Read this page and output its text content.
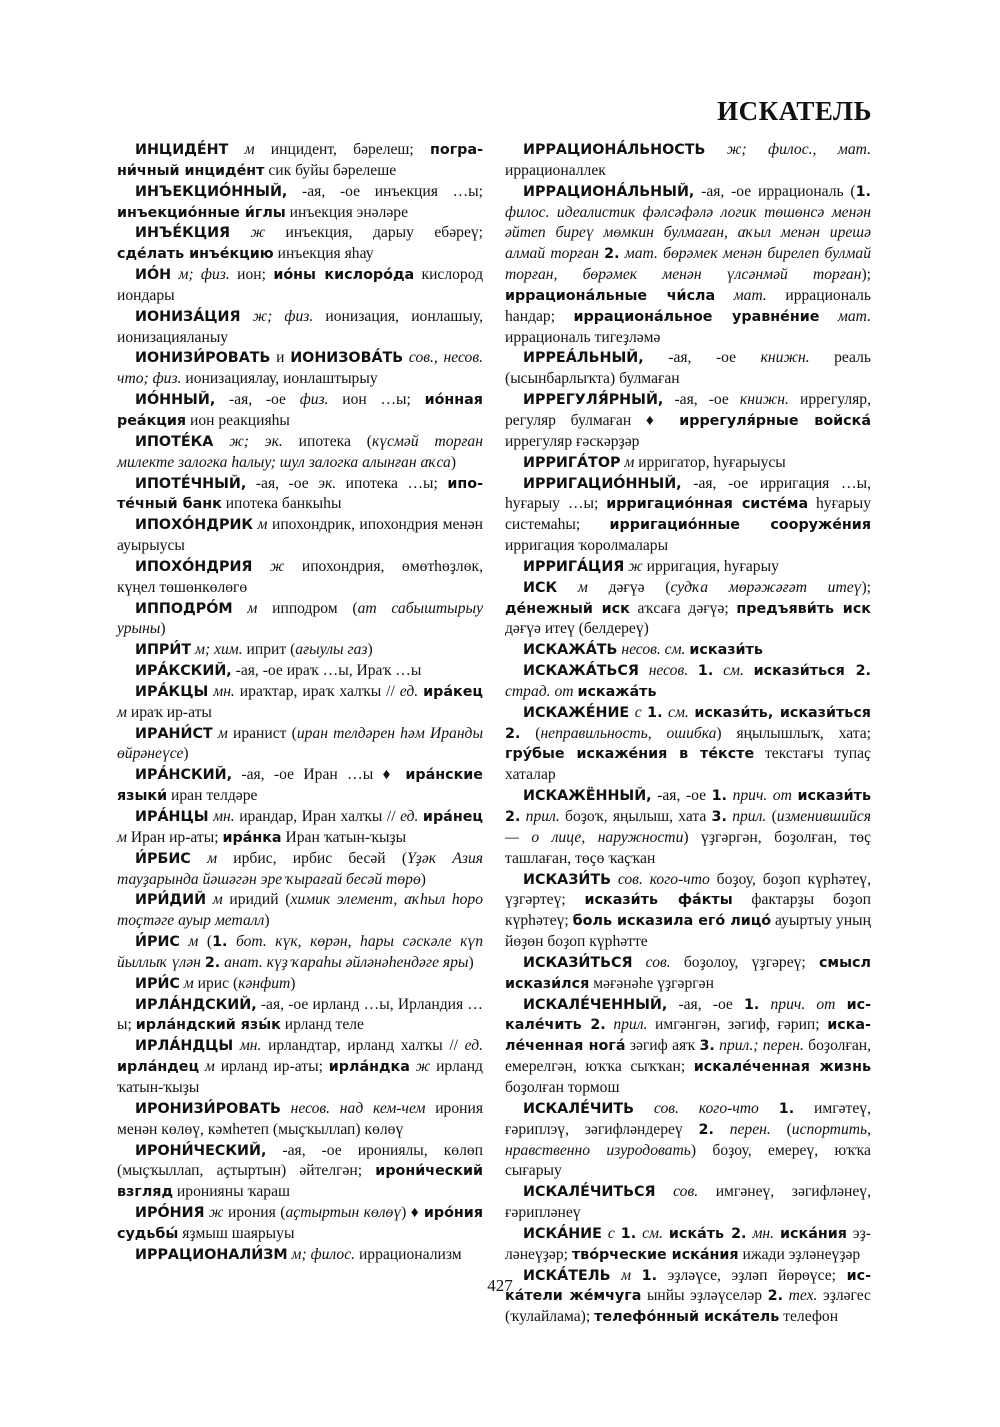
ИСКАТЕЛЬ

ИНЦИДЕ́НТ м инцидент, бәрелеш; пограни́чный инциде́нт сик буйы бәрелеше

ИНЪЕКЦИО́ННЫЙ, -ая, -ое инъекция …ы; инъекцио́нные и́глы инъекция энәләре

ИНЪЕ́КЦИЯ ж инъекция, дарыу ебәреү; сде́лать инъе́кцию инъекция яһау

ИО́Н м; физ. ион; ио́ны кислоро́да кислород иондары

ИОНИЗА́ЦИЯ ж; физ. ионизация, ионлашыу, ионизацияланыу

ИОНИЗИ́РОВАТЬ и ИОНИЗОВА́ТЬ сов., несов. что; физ. ионизациялау, ионлаштырыу

ИО́ННЫЙ, -ая, -ое физ. ион …ы; ио́нная реа́кция ион реакцияһы

ИПОТЕ́КА ж; эк. ипотека (күсмәй торған милекте залогка һалыу; шул залогка алынған аҡса)

ИПОТЕ́ЧНЫЙ, -ая, -ое эк. ипотека …ы; ипоте́чный банк ипотека банкыһы

ИПОХО́НДРИК м ипохондрик, ипохондрия менән ауырыусы

ИПОХО́НДРИЯ ж ипохондрия, өмөтһөҙлөк, күңел төшөнкөлөгө

ИППОДРО́М м ипподром (ат сабыштырыу урыны)

ИПРИ́Т м; хим. иприт (ағыулы газ)

ИРА́КСКИЙ, -ая, -ое ираҡ …ы, Ираҡ …ы

ИРА́КЦЫ мн. ираҡтар, ираҡ халҡы // ед. ира́кец м ираҡ ир-аты

ИРАНИ́СТ м иранист (иран телдәрен һәм Иранды өйрәнеүсе)

ИРА́НСКИЙ, -ая, -ое Иран …ы ♦ ира́нские языки́ иран телдәре

ИРА́НЦЫ мн. ирандар, Иран халҡы // ед. ира́нец м Иран ир-аты; ира́нка Иран ҡатын-ҡыҙы

И́РБИС м ирбис, ирбис бесәй (Үҙәк Азия тауҙарында йәшәгән эре ҡырағай бесәй төрө)

ИРИ́ДИЙ м иридий (химик элемент, аҡһыл һоро тоҫтәге ауыр металл)

И́РИС м (1. бот. күк, көрән, һары сәскәле күп йыллыҡ үлән 2. анат. күҙ ҡараһы әйләнәһендәге яры)

ИРИ́С м ирис (кәнфит)

ИРЛА́НДСКИЙ, -ая, -ое ирланд …ы, Ирландия …ы; ирла́ндский язы́к ирланд теле

ИРЛА́НДЦЫ мн. ирландтар, ирланд халҡы // ед. ирла́ндец м ирланд ир-аты; ирла́ндка ж ирланд ҡатын-ҡыҙы

ИРОНИЗИ́РОВАТЬ несов. над кем-чем ирония менән көлөү, кәмһетеп (мыҫҡыллап) көлөү

ИРОНИ́ЧЕСКИЙ, -ая, -ое ирониялы, көлөп (мыҫҡыллап, аҫтыртын) әйтелгән; ирони́ческий взгляд иронияны ҡараш

ИРО́НИЯ ж ирония (аҫтыртын көлөү) ♦ иро́ния судьбы́ яҙмыш шаярыуы

ИРРАЦИОНАЛИ́ЗМ м; филос. иррационализм

ИРРАЦИОНА́ЛЬНОСТЬ ж; филос., мат. иррационаллек

ИРРАЦИОНА́ЛЬНЫЙ, -ая, -ое иррациональ (1. филос. идеалистик фәлсәфәлә логик төшөнсә менән әйтеп биреү мөмкин булмаған, аҡыл менән ирешә алмай торған 2. мат. бөрәмек менән бирелеп булмай торған, бөрәмек менән үлсәнмәй торған); иррациона́льные чи́сла мат. иррациональ һандар; иррациона́льное уравне́ние мат. иррациональ тигеҙләмә

ИРРЕА́ЛЬНЫЙ, -ая, -ое книжн. реаль (ысынбарлыҡта) булмаған

ИРРЕГУЛЯ́РНЫЙ, -ая, -ое книжн. иррегуляр, регуляр булмаған ♦ иррегуля́рные войска́ иррегуляр ғәскәрҙәр

ИРРИГА́ТОР м ирригатор, һуғарыусы

ИРРИГАЦИО́ННЫЙ, -ая, -ое ирригация …ы, һуғарыу …ы; ирригацио́нная систе́ма һуғарыу системаһы; ирригацио́нные сооруже́ния ирригация ҡоролмалары

ИРРИГА́ЦИЯ ж ирригация, һуғарыу

ИСК м дәғүә (судҡа мөрәжәғәт итеү); де́нежный иск аҡсаға дәғүә; предъяви́ть иск дәғүә итеү (белдереү)

ИСКАЖА́ТЬ несов. см. искази́ть

ИСКАЖА́ТЬСЯ несов. 1. см. искази́ться 2. страд. от искажа́ть

ИСКАЖЕ́НИЕ с 1. см. искази́ть, искази́ться 2. (неправильность, ошибка) яңылышлыҡ, хата; гру́бые искаже́ния в те́ксте текстағы тупаҫ хаталар

ИСКАЖЁННЫЙ, -ая, -ое 1. прич. от искази́ть 2. прил. боҙоҡ, яңылыш, хата 3. прил. (изменившийся — о лице, наружности) үҙгәргән, боҙолған, төҫ ташлаған, төҫө ҡаҫҡан

ИСКАЗИ́ТЬ сов. кого-что боҙоу, боҙоп күрһәтеү, үҙгәртеү; искази́ть фа́кты фактарҙы боҙоп күрһәтеү; боль исказила его́ лицо́ ауыртыу уның йөҙөн боҙоп күрһәтте

ИСКАЗИ́ТЬСЯ сов. боҙолоу, үҙгәреү; смысл искази́лся мәғәнәһе үҙгәргән

ИСКАЛЕ́ЧЕННЫЙ, -ая, -ое 1. прич. от искале́чить 2. прил. имгәнгән, зәгиф, ғәрип; искале́ченная нога́ зәгиф аяҡ 3. прил.; перен. боҙолған, емерелгән, юҡҡа сыҡҡан; искале́ченная жизнь боҙолған тормош

ИСКАЛЕ́ЧИТЬ сов. кого-что 1. имгәтеү, ғәриплэү, зәгифләндереү 2. перен. (испортить, нравственно изуродовать) боҙоу, емереү, юҡҡа сығарыу

ИСКАЛЕ́ЧИТЬСЯ сов. имгәнеү, зәгифләнеү, ғәрипләнеү

ИСКА́НИЕ с 1. см. иска́ть 2. мн. иска́ния эҙләнеүҙәр; тво́рческие иска́ния ижади эҙләнеүҙәр

ИСКА́ТЕЛЬ м 1. эҙләүсе, эҙләп йөрөүсе; иска́тели же́мчуга ынйы эҙләүселәр 2. тех. эҙләгес (ҡулайлама); телефо́нный иска́тель телефон

427
